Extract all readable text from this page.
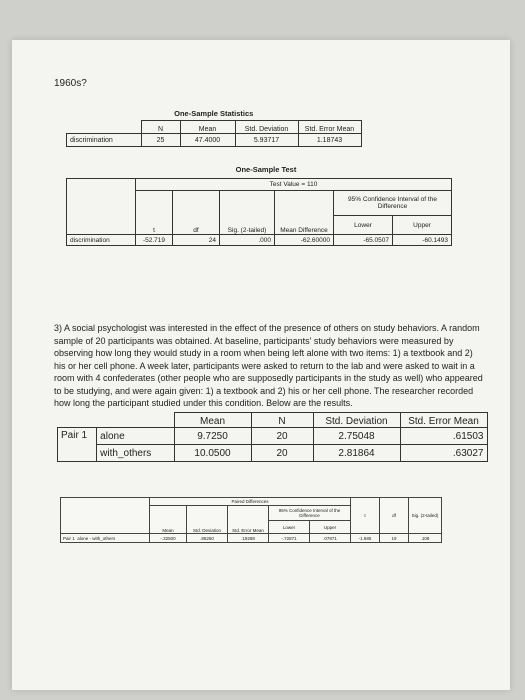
1960s?
One-Sample Statistics				
	N	Mean	Std. Deviation	Std. Error Mean
discrimination	25	47.4000	5.93717	1.18743
One-Sample Test
	Test Value = 110					
	t	df	Sig. (2-tailed)	Mean Difference	95% Confidence Interval of the Difference	
					Lower	Upper
discrimination	-52.719	24	.000	-62.60000	-65.0507	-60.1493
3) A social psychologist was interested in the effect of the presence of others on study behaviors. A random sample of 20 participants was obtained. At baseline, participants' study behaviors were measured by observing how long they would study in a room when being left alone with two items: 1) a textbook and 2) his or her cell phone. A week later, participants were asked to return to the lab and were asked to wait in a room with 4 confederates (other people who are supposedly participants in the study as well) who appeared to be studying, and were again given: 1) a textbook and 2) his or her cell phone. The researcher recorded how long the participant studied under this condition. Below are the results.
		Mean	N	Std. Deviation	Std. Error Mean
Pair 1	alone	9.7250	20	2.75048	.61503
	with_others	10.0500	20	2.81864	.63027
	Paired Differences					t	df	Sig. (2-tailed)
	Mean	Std. Deviation	Std. Error Mean	95% Confidence Interval of the Difference				
				Lower	Upper			
Pair 1 alone - with_others	-.32500	.86260	.19288	-.72871	.07871	-1.685	19	.108
